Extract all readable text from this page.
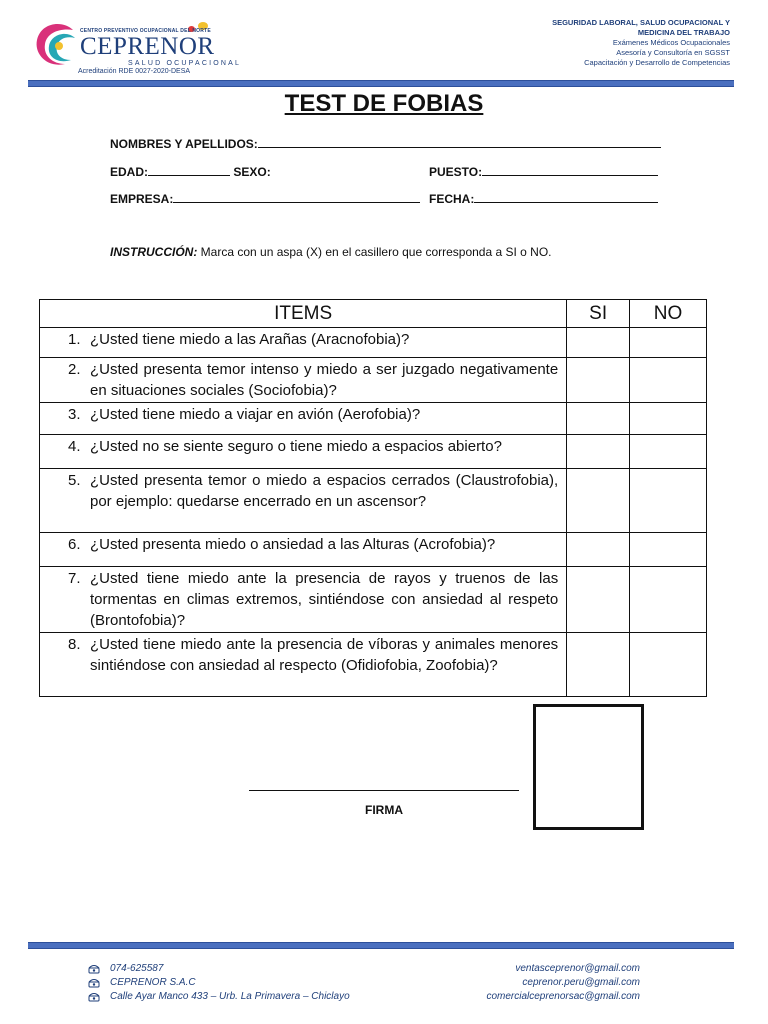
CENTRO PREVENTIVO OCUPACIONAL DEL NORTE
CEPRENOR
SALUD OCUPACIONAL
Acreditación RDE 0027-2020-DESA
SEGURIDAD LABORAL, SALUD OCUPACIONAL Y
MEDICINA DEL TRABAJO
Exámenes Médicos Ocupacionales
Asesoría y Consultoría en SGSST
Capacitación y Desarrollo de Competencias
TEST DE FOBIAS
NOMBRES Y APELLIDOS:
EDAD:	SEXO:	PUESTO:
EMPRESA:	FECHA:
INSTRUCCIÓN: Marca con un aspa (X) en el casillero que corresponda a SI o NO.
ITEMS	SI	NO

1. ¿Usted tiene miedo a las Arañas (Aracnofobia)?		

2. ¿Usted presenta temor intenso y miedo a ser juzgado negativamente en situaciones sociales (Sociofobia)?		

3. ¿Usted tiene miedo a viajar en avión (Aerofobia)?		

4. ¿Usted no se siente seguro o tiene miedo a espacios abierto?		

5. ¿Usted presenta temor o miedo a espacios cerrados (Claustrofobia), por ejemplo: quedarse encerrado en un ascensor?		

6. ¿Usted presenta miedo o ansiedad a las Alturas (Acrofobia)?		

7. ¿Usted tiene miedo ante la presencia de rayos y truenos de las tormentas en climas extremos, sintiéndose con ansiedad al respeto (Brontofobia)?		

8. ¿Usted tiene miedo ante la presencia de víboras y animales menores sintiéndose con ansiedad al respecto (Ofidiofobia, Zoofobia)?		

FIRMA
074-625587
CEPRENOR S.A.C
Calle Ayar Manco 433 – Urb. La Primavera – Chiclayo
ventasceprenor@gmail.com
ceprenor.peru@gmail.com
comercialceprenorsac@gmail.com
